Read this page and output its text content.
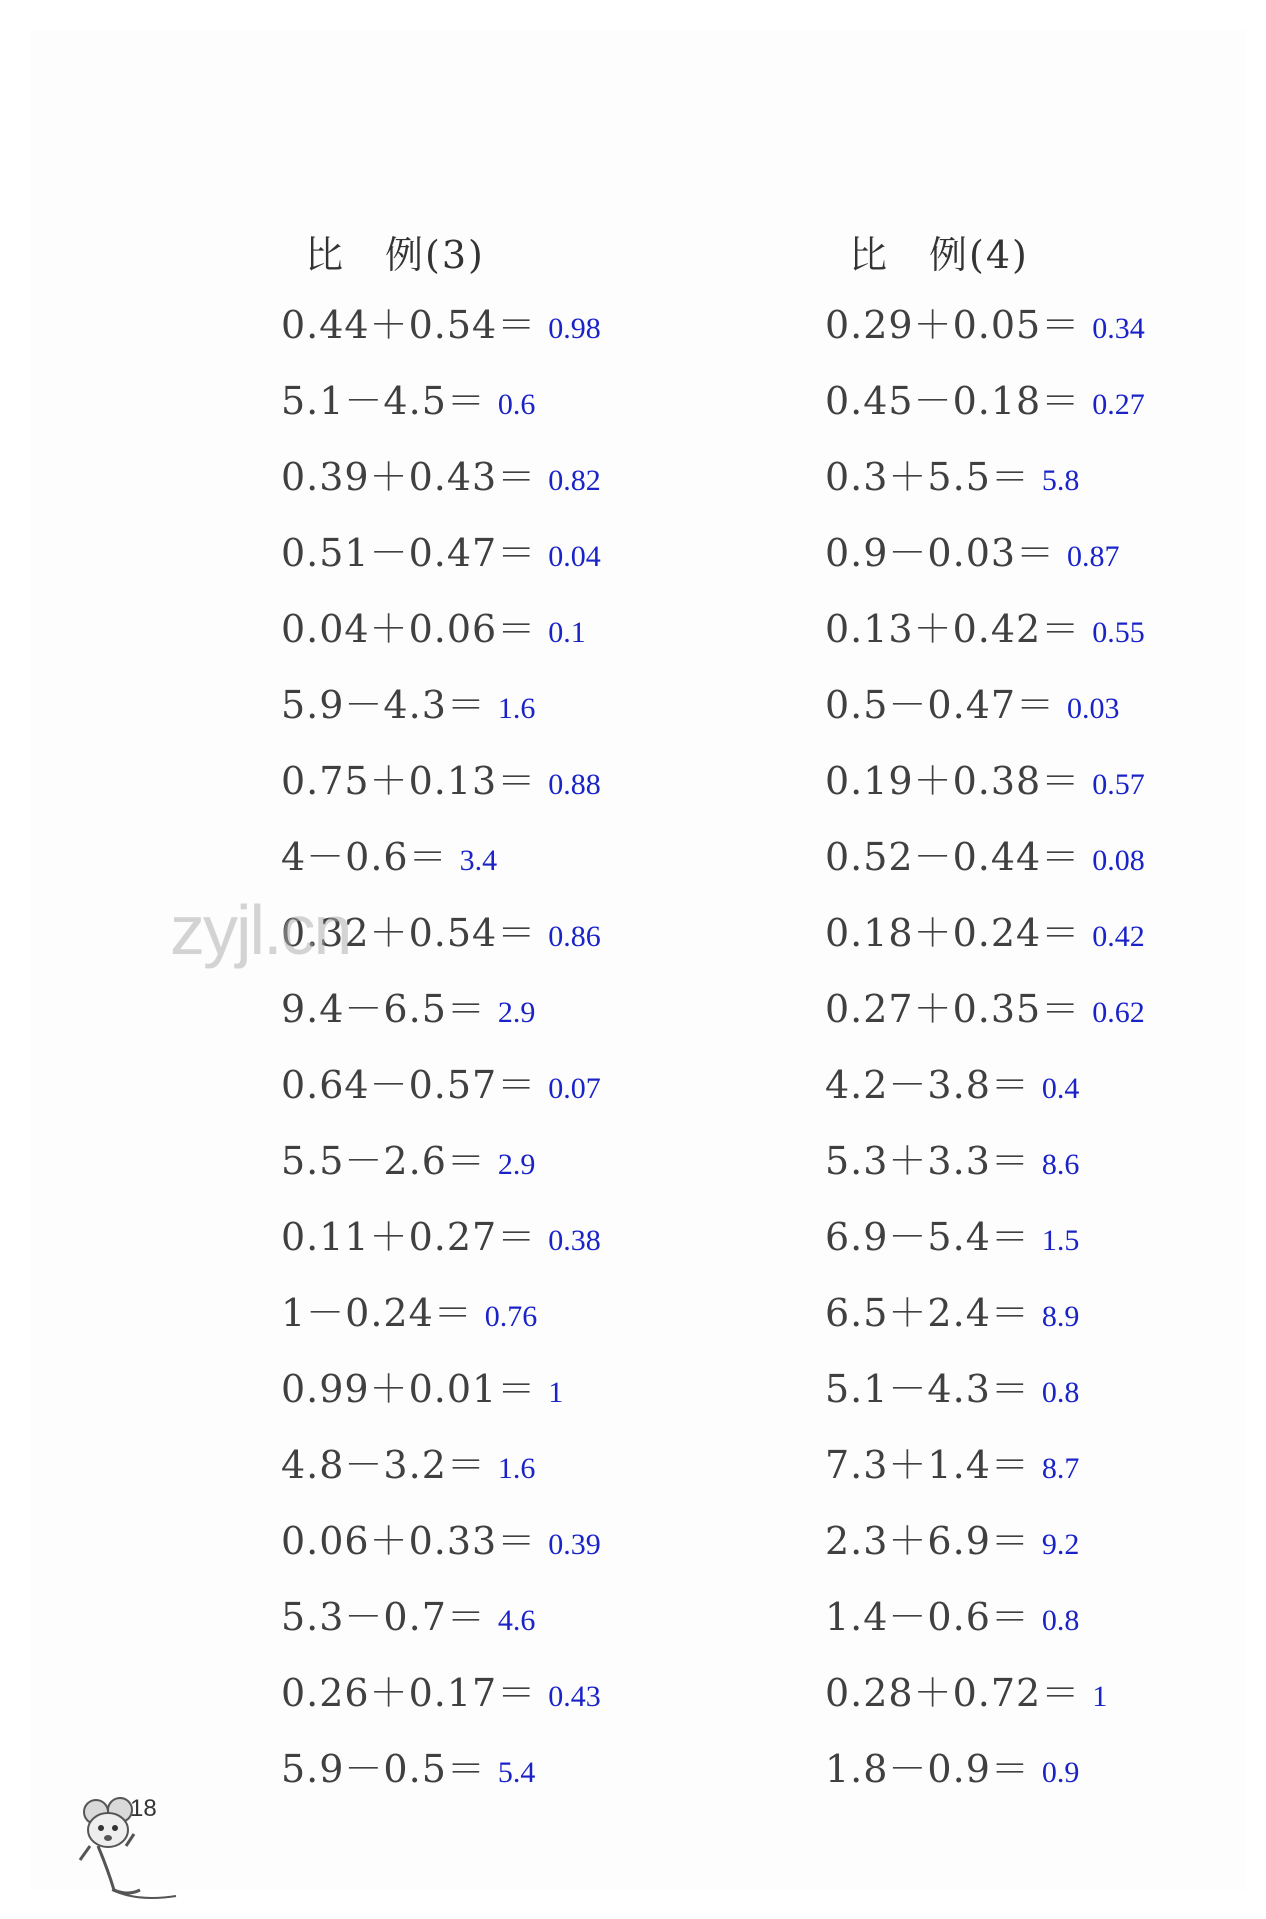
比　例(3)
0.44＋0.54＝ 0.98
5.1－4.5＝ 0.6
0.39＋0.43＝ 0.82
0.51－0.47＝ 0.04
0.04＋0.06＝ 0.1
5.9－4.3＝ 1.6
0.75＋0.13＝ 0.88
4－0.6＝ 3.4
0.32＋0.54＝ 0.86
9.4－6.5＝ 2.9
0.64－0.57＝ 0.07
5.5－2.6＝ 2.9
0.11＋0.27＝ 0.38
1－0.24＝ 0.76
0.99＋0.01＝ 1
4.8－3.2＝ 1.6
0.06＋0.33＝ 0.39
5.3－0.7＝ 4.6
0.26＋0.17＝ 0.43
5.9－0.5＝ 5.4
比　例(4)
0.29＋0.05＝ 0.34
0.45－0.18＝ 0.27
0.3＋5.5＝ 5.8
0.9－0.03＝ 0.87
0.13＋0.42＝ 0.55
0.5－0.47＝ 0.03
0.19＋0.38＝ 0.57
0.52－0.44＝ 0.08
0.18＋0.24＝ 0.42
0.27＋0.35＝ 0.62
4.2－3.8＝ 0.4
5.3＋3.3＝ 8.6
6.9－5.4＝ 1.5
6.5＋2.4＝ 8.9
5.1－4.3＝ 0.8
7.3＋1.4＝ 8.7
2.3＋6.9＝ 9.2
1.4－0.6＝ 0.8
0.28＋0.72＝ 1
1.8－0.9＝ 0.9
zyjl.cn
18
